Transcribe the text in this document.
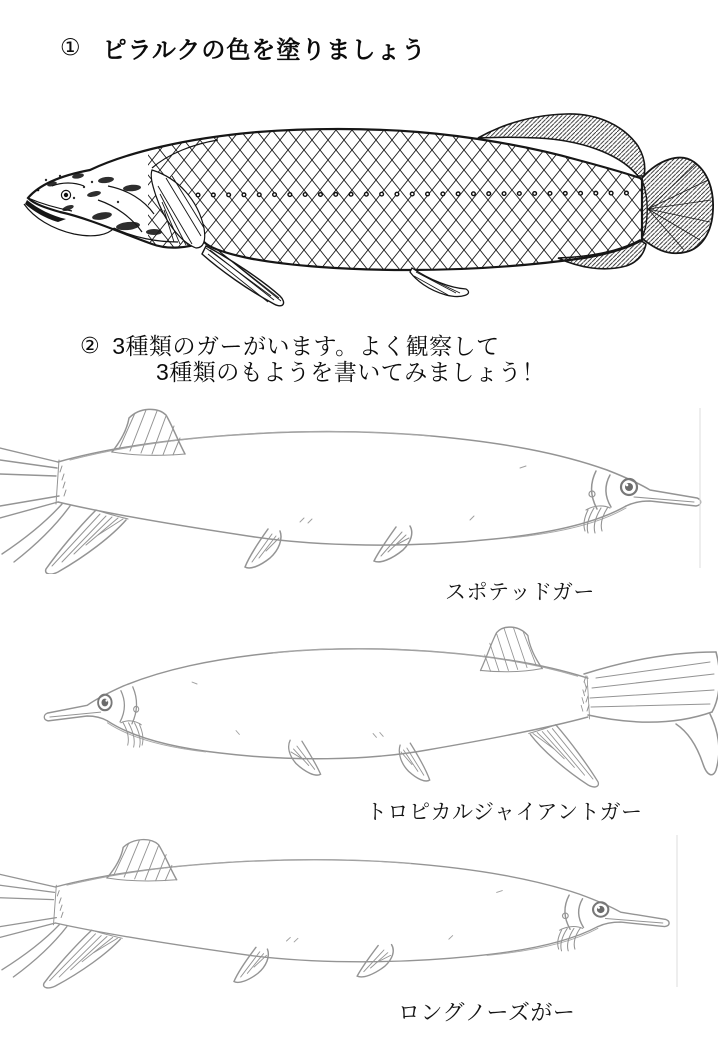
① ピラルクの色を塗りましょう
② 3種類のガーがいます。よく観察して
3種類のもようを書いてみましょう！
スポテッドガー
トロピカルジャイアントガー
ロングノーズがー
